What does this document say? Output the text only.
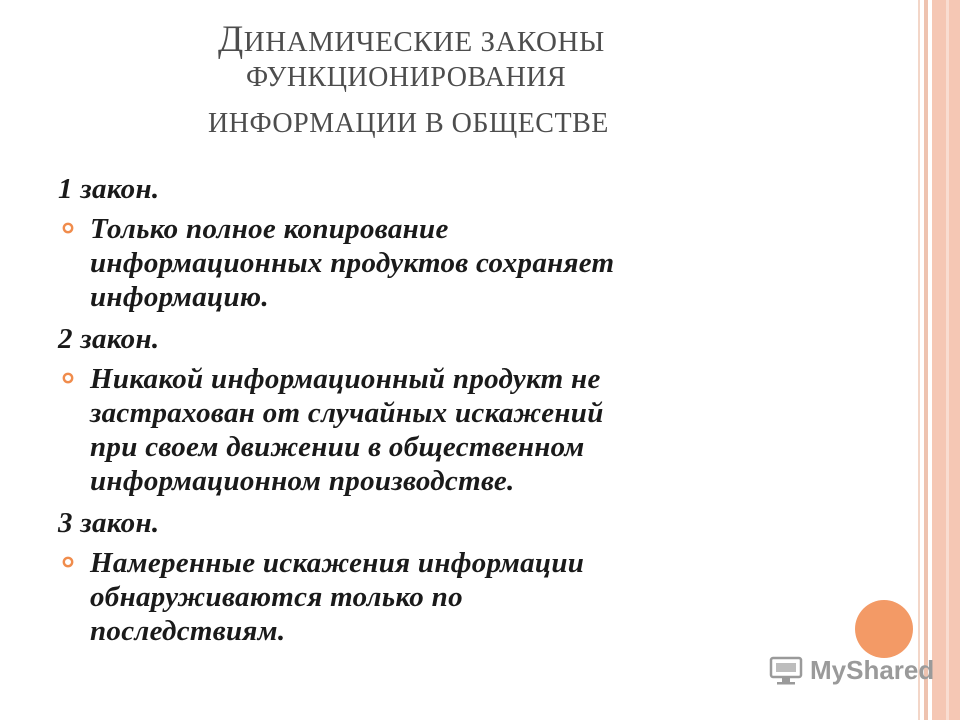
ДИНАМИЧЕСКИЕ ЗАКОНЫ
ФУНКЦИОНИРОВАНИЯ
ИНФОРМАЦИИ В ОБЩЕСТВЕ

1 закон.

Только полное копирование
информационных продуктов сохраняет
информацию.

2 закон.

Никакой информационный продукт не
застрахован от случайных искажений
при своем движении в общественном
информационном производстве.

3 закон.

Намеренные искажения информации
обнаруживаются только по
последствиям.
MyShared
